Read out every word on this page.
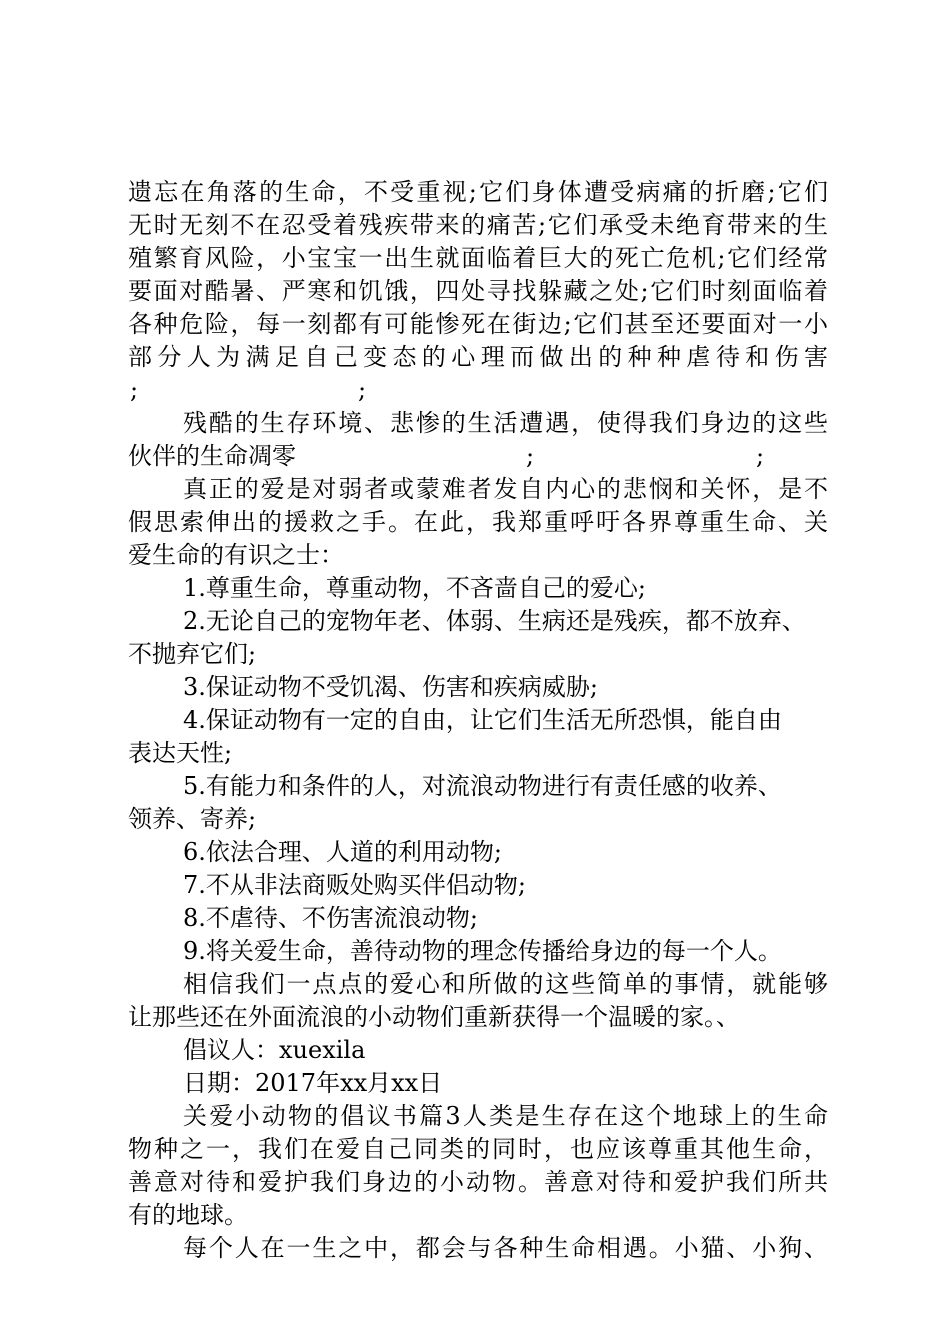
遗忘在角落的生命，不受重视;它们身体遭受病痛的折磨;它们
无时无刻不在忍受着残疾带来的痛苦;它们承受未绝育带来的生
殖繁育风险，小宝宝一出生就面临着巨大的死亡危机;它们经常
要面对酷暑、严寒和饥饿，四处寻找躲藏之处;它们时刻面临着
各种危险，每一刻都有可能惨死在街边;它们甚至还要面对一小
部分人为满足自己变态的心理而做出的种种虐待和伤害
;	;
残酷的生存环境、悲惨的生活遭遇，使得我们身边的这些
伙伴的生命凋零	;	;
真正的爱是对弱者或蒙难者发自内心的悲悯和关怀，是不
假思索伸出的援救之手。在此，我郑重呼吁各界尊重生命、关
爱生命的有识之士：
1.尊重生命，尊重动物，不吝啬自己的爱心;
2.无论自己的宠物年老、体弱、生病还是残疾，都不放弃、
不抛弃它们;
3.保证动物不受饥渴、伤害和疾病威胁;
4.保证动物有一定的自由，让它们生活无所恐惧，能自由
表达天性;
5.有能力和条件的人，对流浪动物进行有责任感的收养、
领养、寄养;
6.依法合理、人道的利用动物;
7.不从非法商贩处购买伴侣动物;
8.不虐待、不伤害流浪动物;
9.将关爱生命，善待动物的理念传播给身边的每一个人。
相信我们一点点的爱心和所做的这些简单的事情，就能够
让那些还在外面流浪的小动物们重新获得一个温暖的家。、
倡议人：xuexila
日期：2017年xx月xx日
关爱小动物的倡议书篇3人类是生存在这个地球上的生命
物种之一，我们在爱自己同类的同时，也应该尊重其他生命，
善意对待和爱护我们身边的小动物。善意对待和爱护我们所共
有的地球。
每个人在一生之中，都会与各种生命相遇。小猫、小狗、
